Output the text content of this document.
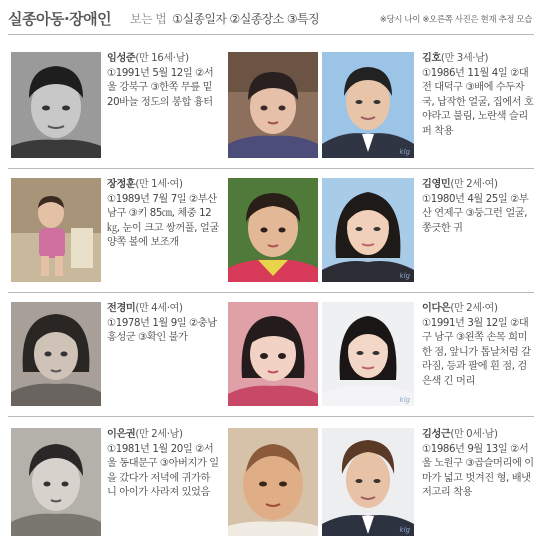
실종아동·장애인 보는 법 ①실종일자 ②실종장소 ③특징	※당시 나이 ※오른쪽 사진은 현재 추정 모습
임성준(만 16세·남)
①1991년 5월 12일 ②서울 강북구 ③한쪽 무릎 밑 20바늘 정도의 봉합 흉터
klg
김호(만 3세·남)
①1986년 11월 4일 ②대전 대덕구 ③배에 수두자국, 납작한 얼굴, 집에서 호야라고 불림, 노란색 슬리퍼 착용
장정훈(만 1세·여)
①1989년 7월 7일 ②부산 남구 ③키 85㎝, 체중 12㎏, 눈이 크고 쌍꺼풀, 얼굴 양쪽 볼에 보조개
klg
김영민(만 2세·여)
①1980년 4월 25일 ②부산 연제구 ③둥그런 얼굴, 쫑긋한 귀
전경미(만 4세·여)
①1978년 1월 9일 ②충남 홍성군 ③확인 불가
klg
이다은(만 2세·여)
①1991년 3월 12일 ②대구 남구 ③왼쪽 손목 희미한 점, 앞니가 톱날처럼 갈라짐, 등과 팔에 흰 점, 검은색 긴 머리
이은권(만 2세·남)
①1981년 1월 20일 ②서울 동대문구 ③아버지가 일을 갔다가 저녁에 귀가하니 아이가 사라져 있었음
klg
김성근(만 0세·남)
①1986년 9월 13일 ②서울 노원구 ③곱슬머리에 이마가 넓고 벗겨진 형, 배냇저고리 착용
